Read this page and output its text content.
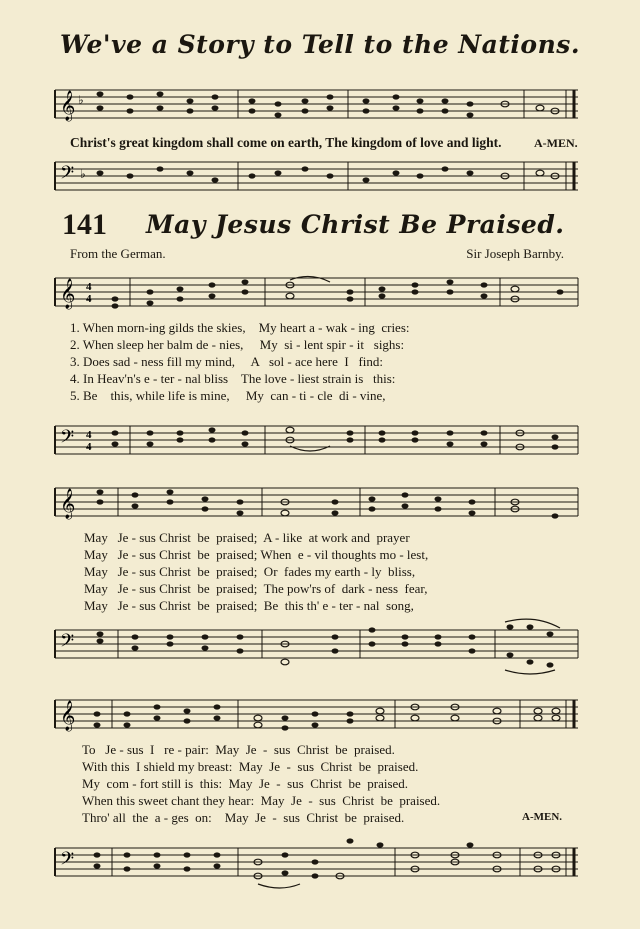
We've a Story to Tell to the Nations.
𝄞 ♭
Christ's great kingdom shall come on earth, The kingdom of love and light.	A-MEN.
𝄢 ♭
141 May Jesus Christ Be Praised.
From the German.	Sir Joseph Barnby.
𝄞 4
4
1. When morn-ing gilds the skies,    My heart a - wak - ing  cries:
2. When sleep her balm de - nies,     My  si - lent spir - it   sighs:
3. Does sad - ness fill my mind,     A   sol - ace here  I   find:
4. In Heav'n's e - ter - nal bliss    The love - liest strain is   this:
5. Be    this, while life is mine,     My  can - ti - cle  di - vine,
𝄢 4
4
𝄞
May   Je - sus Christ  be  praised;  A - like  at work and  prayer
May   Je - sus Christ  be  praised; When  e - vil thoughts mo - lest,
May   Je - sus Christ  be  praised;  Or  fades my earth - ly  bliss,
May   Je - sus Christ  be  praised;  The pow'rs of  dark - ness  fear,
May   Je - sus Christ  be  praised;  Be  this th' e - ter - nal  song,
𝄢
𝄞
To   Je - sus  I   re - pair:  May  Je  -  sus  Christ  be  praised.
With this  I shield my breast:  May  Je  -  sus  Christ  be  praised.
My  com - fort still is  this:  May  Je  -  sus  Christ  be  praised.
When this sweet chant they hear:  May  Je  -  sus  Christ  be  praised.
Thro' all  the  a - ges  on:    May  Je  -  sus  Christ  be  praised.	A-MEN.
𝄢
